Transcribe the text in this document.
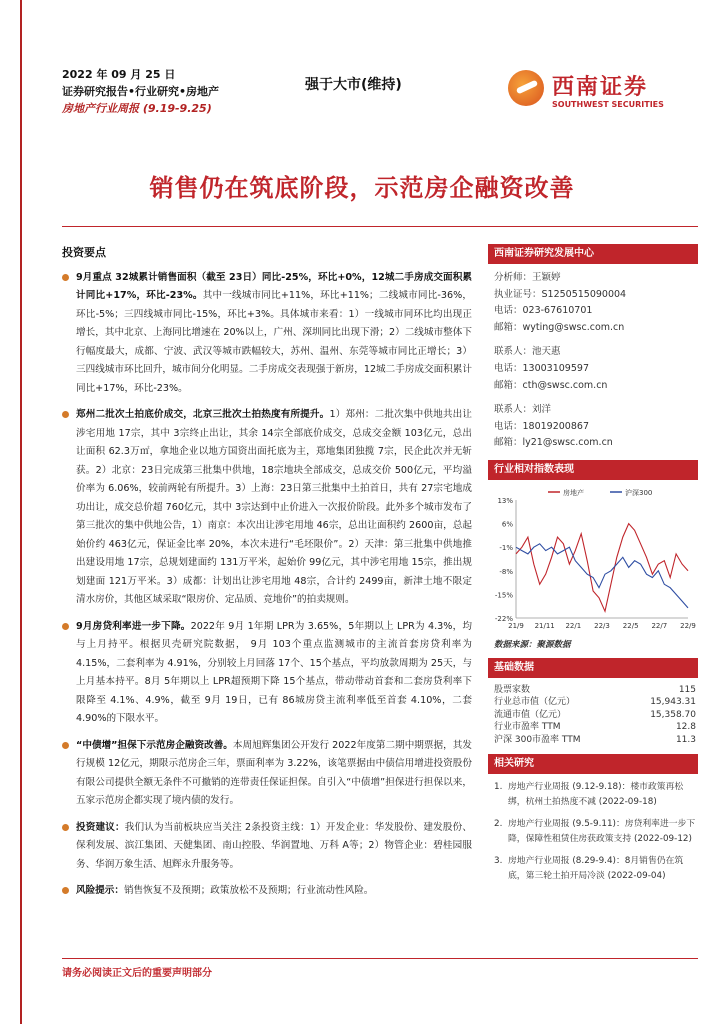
2022 年 09 月 25 日
证券研究报告•行业研究•房地产
房地产行业周报 (9.19-9.25)
强于大市(维持)	西南证券
SOUTHWEST SECURITIES
销售仍在筑底阶段，示范房企融资改善
投资要点
9月重点 32城累计销售面积（截至 23日）同比-25%，环比+0%，12城二手房成交面积累计同比+17%，环比-23%。其中一线城市同比+11%，环比+11%；二线城市同比-36%，环比-5%；三四线城市同比-15%，环比+3%。具体城市来看：1）一线城市同环比均出现正增长，其中北京、上海同比增速在 20%以上，广州、深圳同比出现下滑；2）二线城市整体下行幅度最大，成都、宁波、武汉等城市跌幅较大，苏州、温州、东莞等城市同比正增长；3）三四线城市环比回升，城市间分化明显。二手房成交表现强于新房，12城二手房成交面积累计同比+17%，环比-23%。
郑州二批次土拍底价成交，北京三批次土拍热度有所提升。1）郑州：二批次集中供地共出让涉宅用地 17宗，其中 3宗终止出让，其余 14宗全部底价成交，总成交金额 103亿元，总出让面积 62.3万㎡，拿地企业以地方国资出面托底为主，郑地集团独揽 7宗，民企此次并无斩获。2）北京：23日完成第三批集中供地，18宗地块全部成交，总成交价 500亿元，平均溢价率为 6.06%，较前两轮有所提升。3）上海：23日第三批集中土拍首日，共有 27宗宅地成功出让，成交总价超 760亿元，其中 3宗达到中止价进入一次报价阶段。此外多个城市发布了第三批次的集中供地公告，1）南京：本次出让涉宅用地 46宗，总出让面积约 2600亩，总起始价约 463亿元，保证金比率 20%，本次未进行“毛坯限价”。2）天津：第三批集中供地推出建设用地 17宗，总规划建面约 131万平米，起始价 99亿元，其中涉宅用地 15宗，推出规划建面 121万平米。3）成都：计划出让涉宅用地 48宗，合计约 2499亩，新津土地不限定清水房价，其他区域采取“限房价、定品质、竞地价”的拍卖规则。
9月房贷利率进一步下降。2022年 9月 1年期 LPR为 3.65%，5年期以上 LPR为 4.3%，均与上月持平。根据贝壳研究院数据， 9月 103个重点监测城市的主流首套房贷利率为 4.15%，二套利率为 4.91%，分别较上月回落 17个、15个基点，平均放款周期为 25天，与上月基本持平。8月 5年期以上 LPR超预期下降 15个基点，带动带动首套和二套房贷利率下限降至 4.1%、4.9%，截至 9月 19日，已有 86城房贷主流利率低至首套 4.10%，二套 4.90%的下限水平。
“中债增”担保下示范房企融资改善。本周旭辉集团公开发行 2022年度第二期中期票据，其发行规模 12亿元，期限示范房企三年，票面利率为 3.22%，该笔票据由中债信用增进投资股份有限公司提供全额无条件不可撤销的连带责任保证担保。自引入“中债增”担保进行担保以来，五家示范房企都实现了境内债的发行。
投资建议：我们认为当前板块应当关注 2条投资主线：1）开发企业：华发股份、建发股份、保利发展、滨江集团、天健集团、南山控股、华润置地、万科 A等；2）物管企业：碧桂园服务、华润万象生活、旭辉永升服务等。
风险提示：销售恢复不及预期；政策放松不及预期；行业流动性风险。
西南证券研究发展中心
分析师：王颖婷
执业证号：S1250515090004
电话：023-67610701
邮箱：wyting@swsc.com.cn
联系人：池天惠
电话：13003109597
邮箱：cth@swsc.com.cn
联系人：刘洋
电话：18019200867
邮箱：ly21@swsc.com.cn
行业相对指数表现
13%
6%
-1%
-8%
-15%
-22%
21/9 21/11 22/1 22/3 22/5 22/7 22/9
房地产	沪深300
数据来源：聚源数据
基础数据
股票家数	115
行业总市值（亿元）	15,943.31
流通市值（亿元）	15,358.70
行业市盈率 TTM	12.8
沪深 300市盈率 TTM	11.3
相关研究
1. 房地产行业周报 (9.12-9.18)：楼市政策再松绑，杭州土拍热度不减 (2022-09-18)
2. 房地产行业周报 (9.5-9.11)：房贷利率进一步下降，保障性租赁住房获政策支持 (2022-09-12)
3. 房地产行业周报 (8.29-9.4)：8月销售仍在筑底，第三轮土拍开局冷淡 (2022-09-04)
请务必阅读正文后的重要声明部分
